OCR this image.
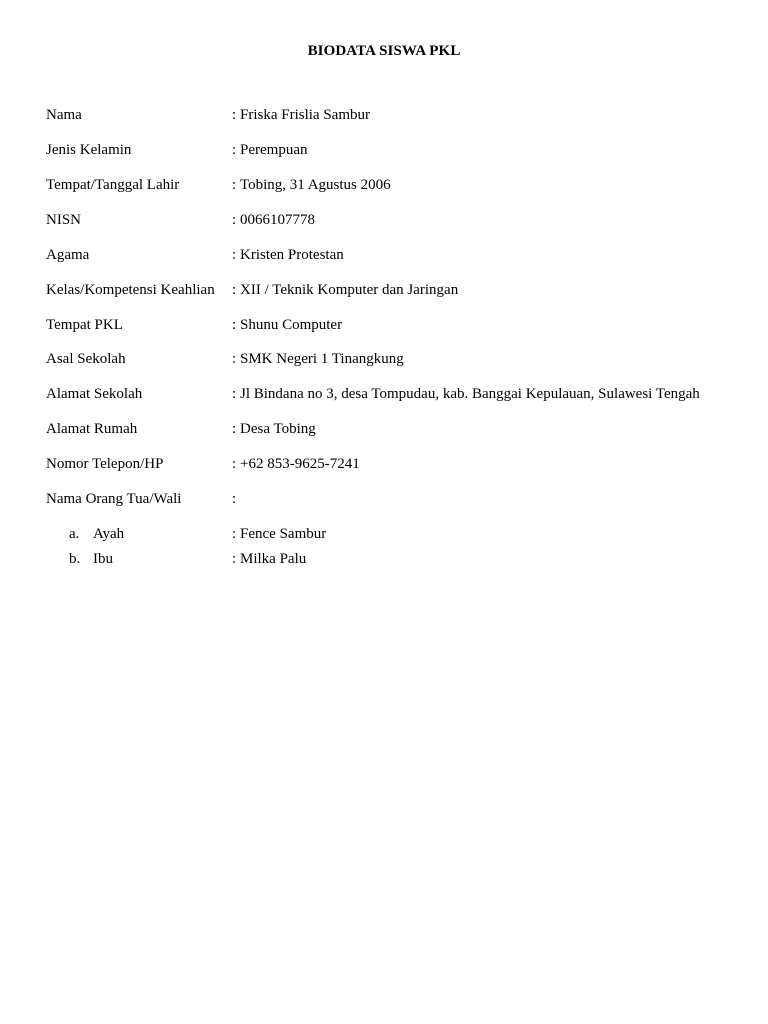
BIODATA SISWA PKL
Nama	: Friska Frislia Sambur
Jenis Kelamin	: Perempuan
Tempat/Tanggal Lahir	: Tobing, 31 Agustus 2006
NISN	: 0066107778
Agama	: Kristen Protestan
Kelas/Kompetensi Keahlian : XII / Teknik Komputer dan Jaringan
Tempat PKL	: Shunu Computer
Asal Sekolah	: SMK Negeri 1 Tinangkung
Alamat Sekolah	: Jl Bindana no 3, desa Tompudau, kab. Banggai Kepulauan, Sulawesi Tengah
Alamat Rumah	: Desa Tobing
Nomor Telepon/HP	: +62 853-9625-7241
Nama Orang Tua/Wali	:
a. Ayah	: Fence Sambur
b. Ibu	: Milka Palu
